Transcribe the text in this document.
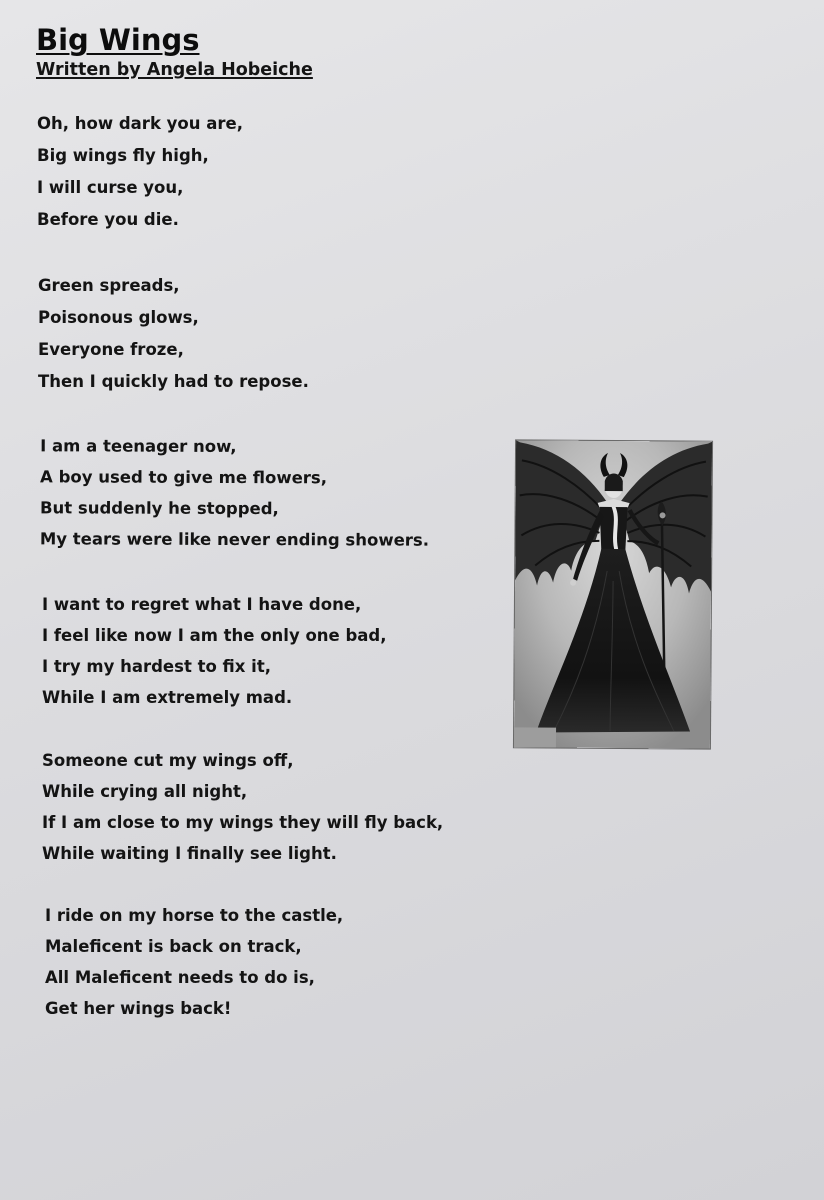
Big Wings
Written by Angela Hobeiche
Oh, how dark you are,
Big wings fly high,
I will curse you,
Before you die.
Green spreads,
Poisonous glows,
Everyone froze,
Then I quickly had to repose.
I am a teenager now,
A boy used to give me flowers,
But suddenly he stopped,
My tears were like never ending showers.
I want to regret what I have done,
I feel like now I am the only one bad,
I try my hardest to fix it,
While I am extremely mad.
Someone cut my wings off,
While crying all night,
If I am close to my wings they will fly back,
While waiting I finally see light.
I ride on my horse to the castle,
Maleficent is back on track,
All Maleficent needs to do is,
Get her wings back!
